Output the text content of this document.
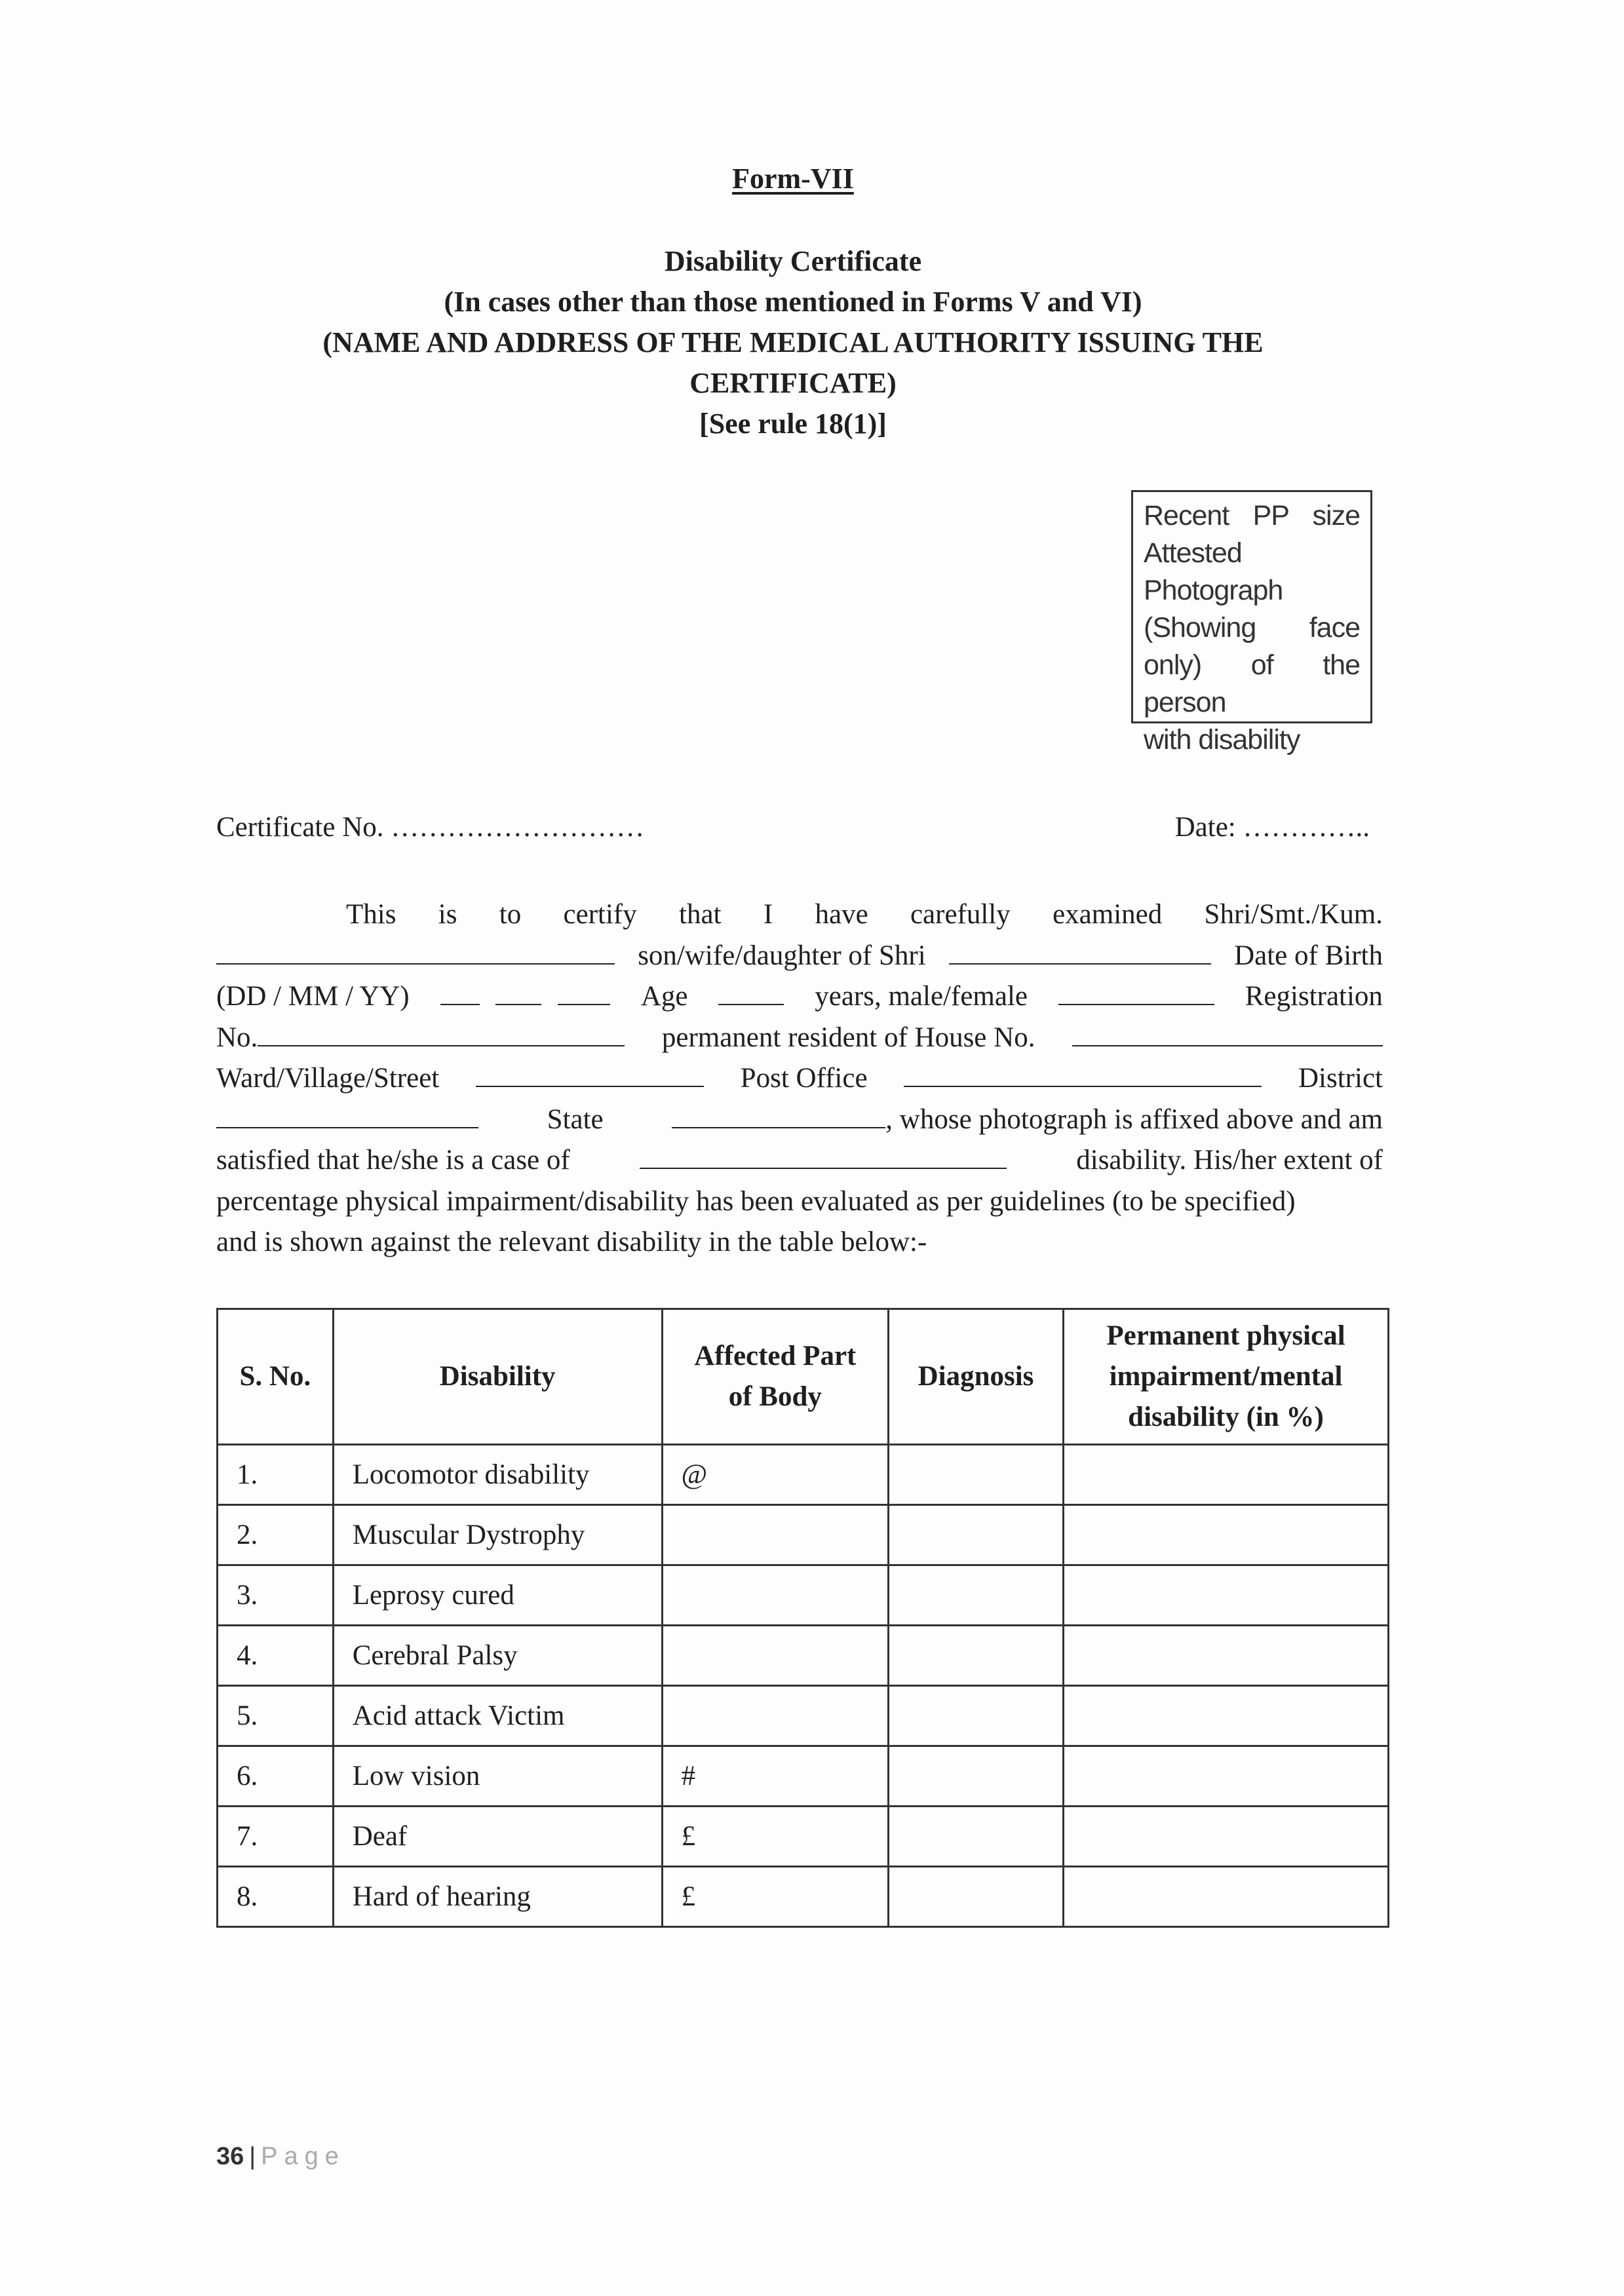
Form-VII
Disability Certificate
(In cases other than those mentioned in Forms V and VI)
(NAME AND ADDRESS OF THE MEDICAL AUTHORITY ISSUING THE
CERTIFICATE)
[See rule 18(1)]
Recent PP size
Attested
Photograph
(Showing face
only) of the person
with disability
Certificate No. ………………………	Date: …………..
This is to certify that I have carefully examined Shri/Smt./Kum.
son/wife/daughter of Shri	Date of Birth
(DD / MM / YY)
	Age	years, male/female	Registration
No.	permanent resident of House No.
Ward/Village/Street	Post Office	District
State	, whose photograph is affixed above and am
satisfied that he/she is a case of	disability. His/her extent of
percentage physical impairment/disability has been evaluated as per guidelines (to be specified)
and is shown against the relevant disability in the table below:-
S. No.	Disability	Affected Part of Body	Diagnosis	Permanent physical impairment/mental disability (in %)
1.	Locomotor disability	@		
2.	Muscular Dystrophy			
3.	Leprosy cured			
4.	Cerebral Palsy			
5.	Acid attack Victim			
6.	Low vision	#		
7.	Deaf	£		
8.	Hard of hearing	£		
36 | Page
